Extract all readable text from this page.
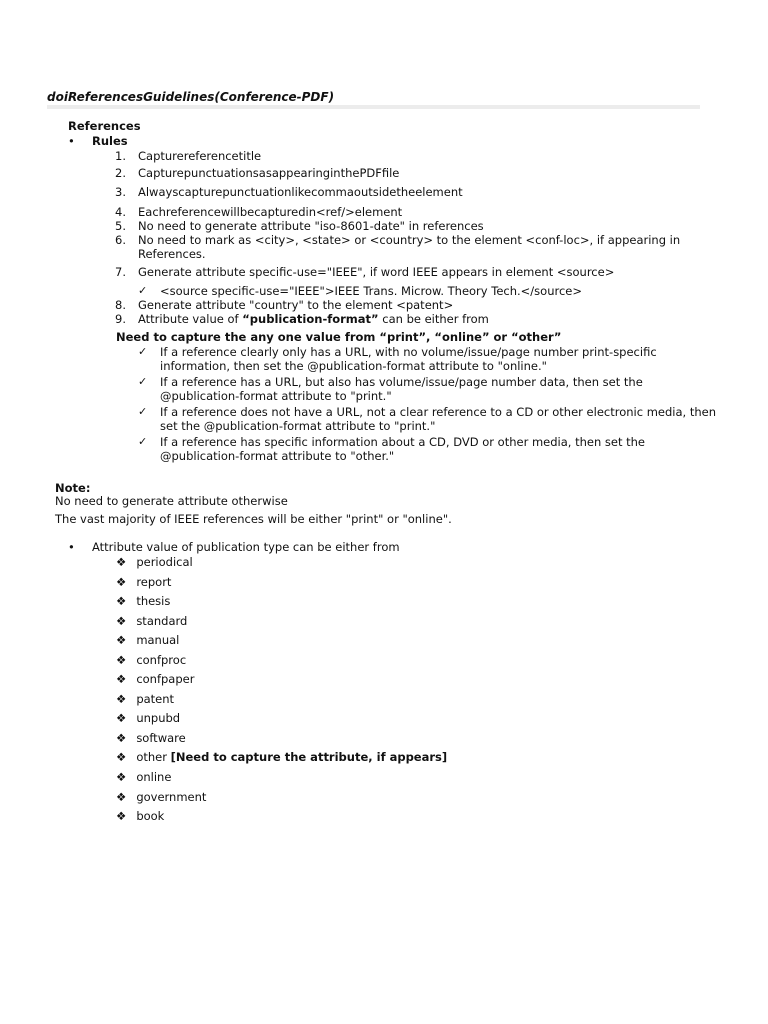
doiReferencesGuidelines(Conference-PDF)
References
• Rules
1. Capturereferencetitle
2. CapturepunctuationsasappearinginthePDFfile
3. Alwayscapturepunctuationlikecommaoutsidetheelement
4. Eachreferencewillbecapturedin<ref/>element
5. No need to generate attribute "iso-8601-date" in references
6. No need to mark as <city>, <state> or <country> to the element <conf-loc>, if appearing in
References.
7. Generate attribute specific-use="IEEE", if word IEEE appears in element <source>
✓ <source specific-use="IEEE">IEEE Trans. Microw. Theory Tech.</source>
8. Generate attribute "country" to the element <patent>
9. Attribute value of “publication-format” can be either from
Need to capture the any one value from “print”, “online” or “other”
✓ If a reference clearly only has a URL, with no volume/issue/page number print-specific
information, then set the @publication-format attribute to "online."
✓ If a reference has a URL, but also has volume/issue/page number data, then set the
@publication-format attribute to "print."
✓ If a reference does not have a URL, not a clear reference to a CD or other electronic media, then
set the @publication-format attribute to "print."
✓ If a reference has specific information about a CD, DVD or other media, then set the
@publication-format attribute to "other."
Note:
No need to generate attribute otherwise
The vast majority of IEEE references will be either "print" or "online".
• Attribute value of publication type can be either from
❖ periodical
❖ report
❖ thesis
❖ standard
❖ manual
❖ confproc
❖ confpaper
❖ patent
❖ unpubd
❖ software
❖ other [Need to capture the attribute, if appears]
❖ online
❖ government
❖ book
